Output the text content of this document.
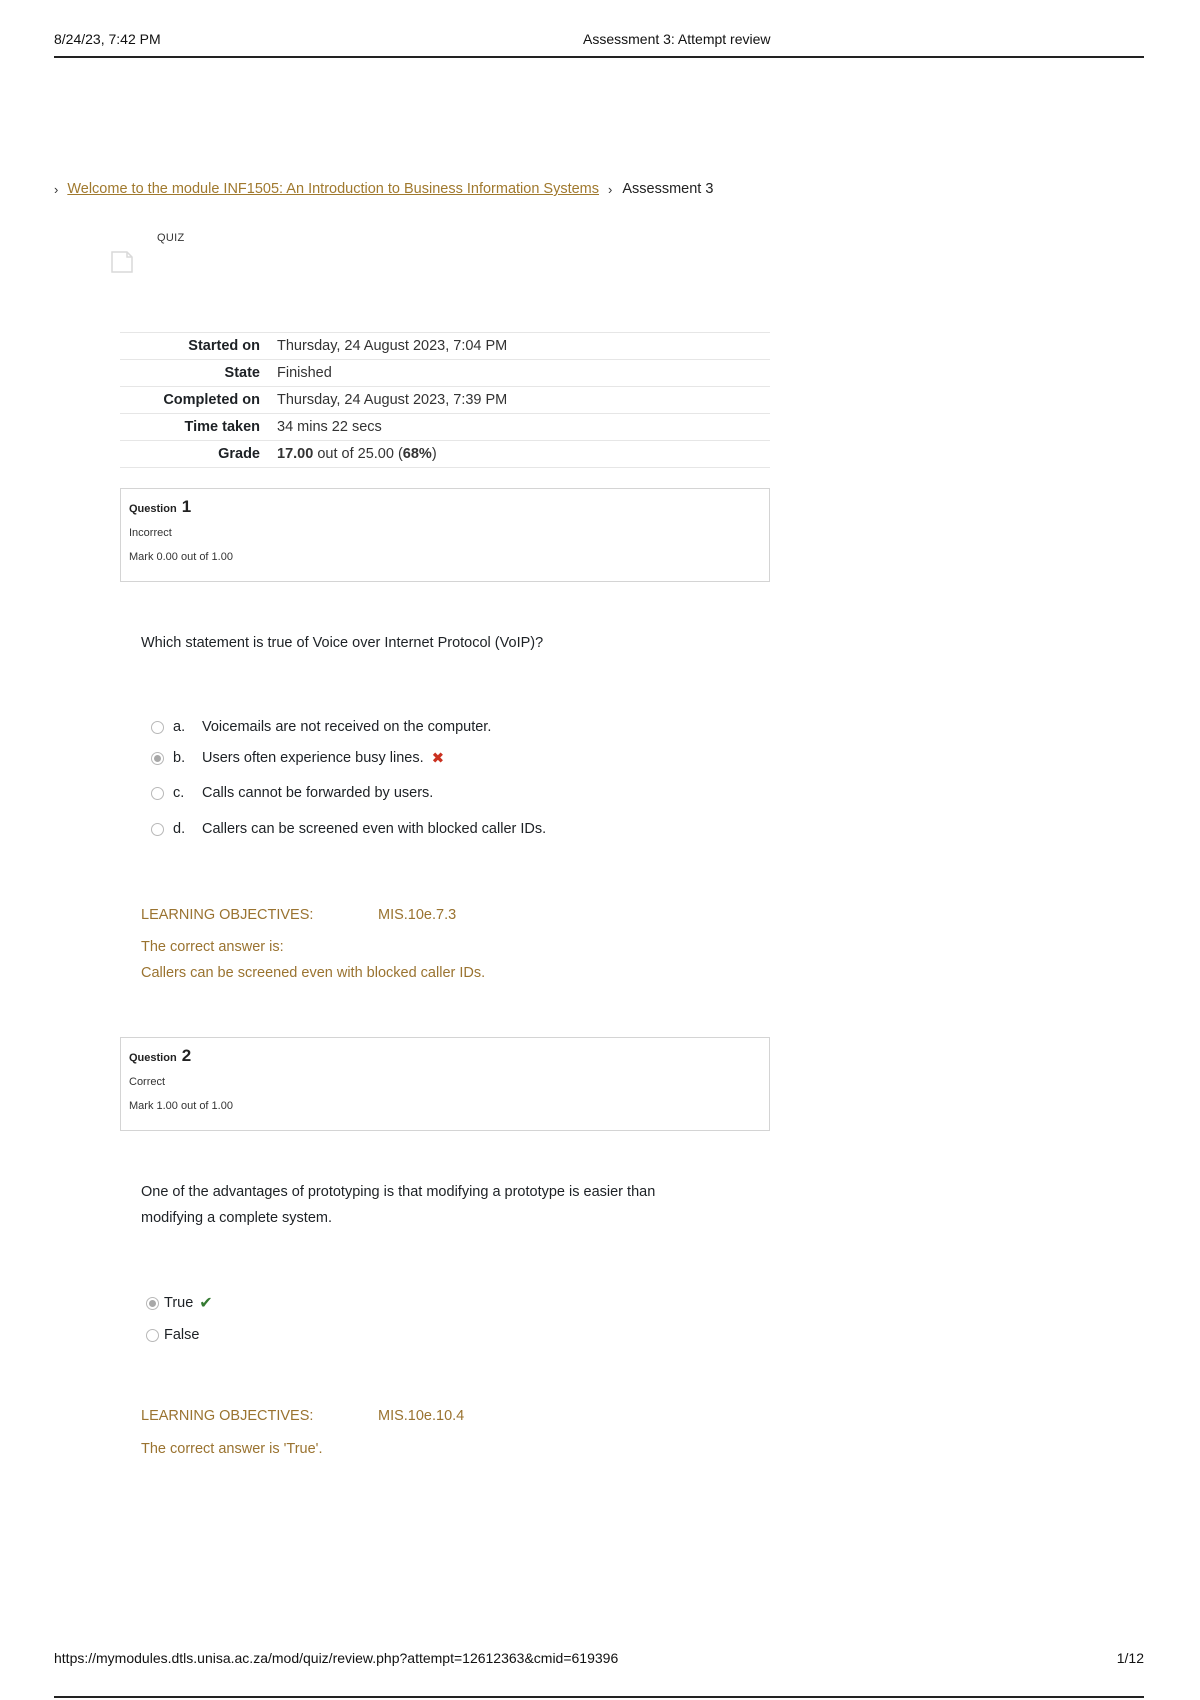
8/24/23, 7:42 PM	Assessment 3: Attempt review
› Welcome to the module INF1505: An Introduction to Business Information Systems › Assessment 3
QUIZ
Started on	Thursday, 24 August 2023, 7:04 PM
State	Finished
Completed on	Thursday, 24 August 2023, 7:39 PM
Time taken	34 mins 22 secs
Grade	17.00 out of 25.00 (68%)
Question 1
Incorrect
Mark 0.00 out of 1.00
Which statement is true of Voice over Internet Protocol (VoIP)?
a.	Voicemails are not received on the computer.
b.	Users often experience busy lines. ✖
c.	Calls cannot be forwarded by users.
d.	Callers can be screened even with blocked caller IDs.
LEARNING OBJECTIVES:	MIS.10e.7.3
The correct answer is:
Callers can be screened even with blocked caller IDs.
Question 2
Correct
Mark 1.00 out of 1.00
One of the advantages of prototyping is that modifying a prototype is easier than
modifying a complete system.
True ✔
False
LEARNING OBJECTIVES:	MIS.10e.10.4
The correct answer is 'True'.
https://mymodules.dtls.unisa.ac.za/mod/quiz/review.php?attempt=12612363&cmid=619396	1/12
